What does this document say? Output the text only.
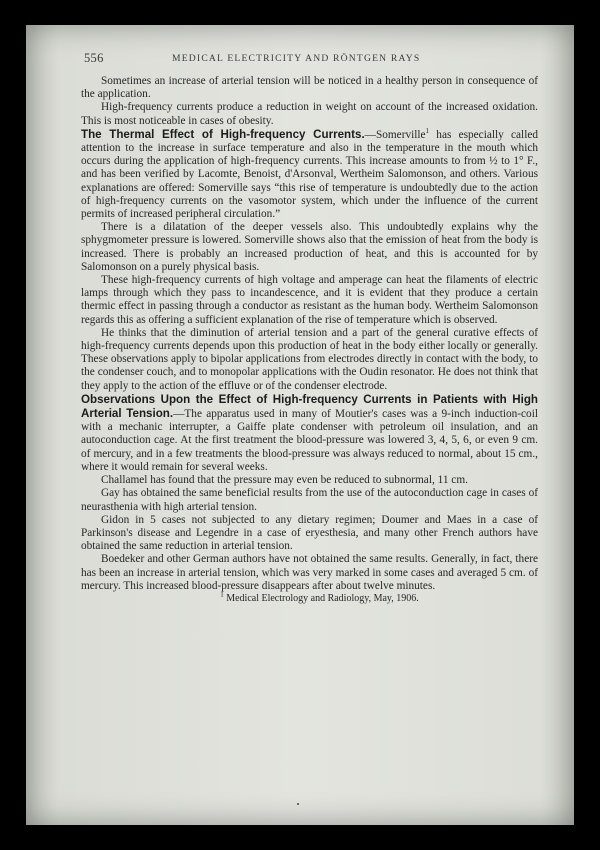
556	MEDICAL ELECTRICITY AND RÖNTGEN RAYS

Sometimes an increase of arterial tension will be noticed in a healthy person in consequence of the application.

High-frequency currents produce a reduction in weight on account of the increased oxidation. This is most noticeable in cases of obesity.

The Thermal Effect of High-frequency Currents.—Somerville$^1$ has especially called attention to the increase in surface temperature and also in the temperature in the mouth which occurs during the application of high-frequency currents. This increase amounts to from ½ to 1° F., and has been verified by Lacomte, Benoist, d'Arsonval, Wertheim Salomonson, and others. Various explanations are offered: Somerville says “this rise of temperature is undoubtedly due to the action of high-frequency currents on the vasomotor system, which under the influence of the current permits of increased peripheral circulation.”

There is a dilatation of the deeper vessels also. This undoubtedly explains why the sphygmometer pressure is lowered. Somerville shows also that the emission of heat from the body is increased. There is probably an increased production of heat, and this is accounted for by Salomonson on a purely physical basis.

These high-frequency currents of high voltage and amperage can heat the filaments of electric lamps through which they pass to incandescence, and it is evident that they produce a certain thermic effect in passing through a conductor as resistant as the human body. Wertheim Salomonson regards this as offering a sufficient explanation of the rise of temperature which is observed.

He thinks that the diminution of arterial tension and a part of the general curative effects of high-frequency currents depends upon this production of heat in the body either locally or generally. These observations apply to bipolar applications from electrodes directly in contact with the body, to the condenser couch, and to monopolar applications with the Oudin resonator. He does not think that they apply to the action of the effluve or of the condenser electrode.

Observations Upon the Effect of High-frequency Currents in Patients with High Arterial Tension.—The apparatus used in many of Moutier's cases was a 9-inch induction-coil with a mechanic interrupter, a Gaiffe plate condenser with petroleum oil insulation, and an autoconduction cage. At the first treatment the blood-pressure was lowered 3, 4, 5, 6, or even 9 cm. of mercury, and in a few treatments the blood-pressure was always reduced to normal, about 15 cm., where it would remain for several weeks.

Challamel has found that the pressure may even be reduced to subnormal, 11 cm.

Gay has obtained the same beneficial results from the use of the autoconduction cage in cases of neurasthenia with high arterial tension.

Gidon in 5 cases not subjected to any dietary regimen; Doumer and Maes in a case of Parkinson's disease and Legendre in a case of eryesthesia, and many other French authors have obtained the same reduction in arterial tension.

Boedeker and other German authors have not obtained the same results. Generally, in fact, there has been an increase in arterial tension, which was very marked in some cases and averaged 5 cm. of mercury. This increased blood-pressure disappears after about twelve minutes.

$^1$ Medical Electrology and Radiology, May, 1906.
